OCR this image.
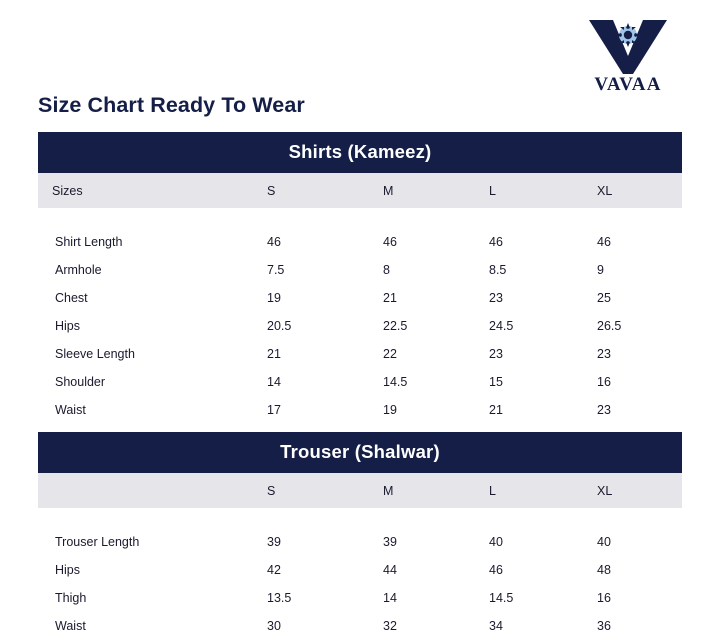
VAVAA
Size Chart Ready To Wear
Shirts (Kameez)
Sizes	S	M	L	XL

Shirt Length	46	46	46	46
Armhole	7.5	8	8.5	9
Chest	19	21	23	25
Hips	20.5	22.5	24.5	26.5
Sleeve Length	21	22	23	23
Shoulder	14	14.5	15	16
Waist	17	19	21	23
Trouser (Shalwar)
	S	M	L	XL

Trouser Length	39	39	40	40
Hips	42	44	46	48
Thigh	13.5	14	14.5	16
Waist	30	32	34	36
